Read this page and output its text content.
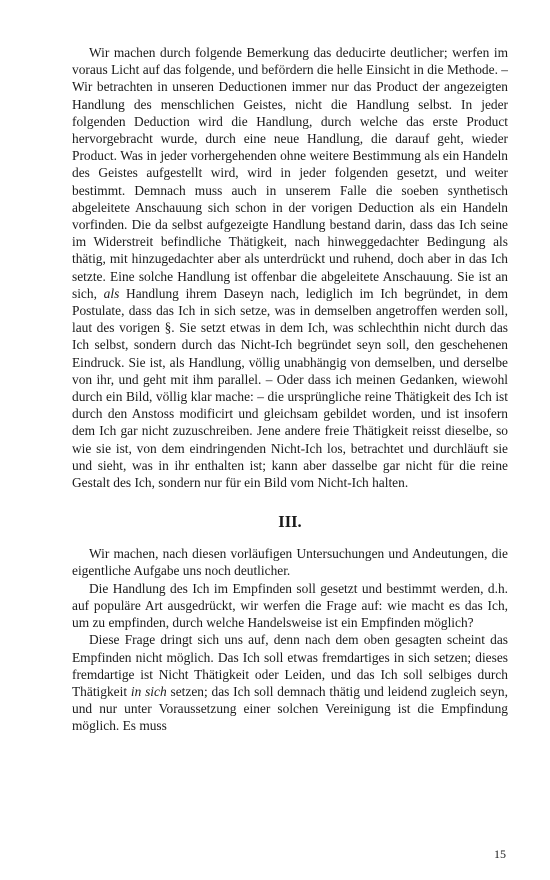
Wir machen durch folgende Bemerkung das deducirte deutlicher; werfen im voraus Licht auf das folgende, und befördern die helle Einsicht in die Methode. – Wir betrachten in unseren Deductionen immer nur das Product der angezeigten Handlung des menschlichen Geistes, nicht die Handlung selbst. In jeder folgenden Deduction wird die Handlung, durch welche das erste Product hervorgebracht wurde, durch eine neue Handlung, die darauf geht, wieder Product. Was in jeder vorhergehenden ohne weitere Bestimmung als ein Handeln des Geistes aufgestellt wird, wird in jeder folgenden gesetzt, und weiter bestimmt. Demnach muss auch in unserem Falle die soeben synthetisch abgeleitete Anschauung sich schon in der vorigen Deduction als ein Handeln vorfinden. Die da selbst aufgezeigte Handlung bestand darin, dass das Ich seine im Widerstreit befindliche Thätigkeit, nach hinweggedachter Bedingung als thätig, mit hinzugedachter aber als unterdrückt und ruhend, doch aber in das Ich setzte. Eine solche Handlung ist offenbar die abgeleitete Anschauung. Sie ist an sich, als Handlung ihrem Daseyn nach, lediglich im Ich begründet, in dem Postulate, dass das Ich in sich setze, was in demselben angetroffen werden soll, laut des vorigen §. Sie setzt etwas in dem Ich, was schlechthin nicht durch das Ich selbst, sondern durch das Nicht-Ich begründet seyn soll, den geschehenen Eindruck. Sie ist, als Handlung, völlig unabhängig von demselben, und derselbe von ihr, und geht mit ihm parallel. – Oder dass ich meinen Gedanken, wiewohl durch ein Bild, völlig klar mache: – die ursprüngliche reine Thätigkeit des Ich ist durch den Anstoss modificirt und gleichsam gebildet worden, und ist insofern dem Ich gar nicht zuzuschreiben. Jene andere freie Thätigkeit reisst dieselbe, so wie sie ist, von dem eindringenden Nicht-Ich los, betrachtet und durchläuft sie und sieht, was in ihr enthalten ist; kann aber dasselbe gar nicht für die reine Gestalt des Ich, sondern nur für ein Bild vom Nicht-Ich halten.

III.

Wir machen, nach diesen vorläufigen Untersuchungen und Andeutungen, die eigentliche Aufgabe uns noch deutlicher.

Die Handlung des Ich im Empfinden soll gesetzt und bestimmt werden, d.h. auf populäre Art ausgedrückt, wir werfen die Frage auf: wie macht es das Ich, um zu empfinden, durch welche Handelsweise ist ein Empfinden möglich?

Diese Frage dringt sich uns auf, denn nach dem oben gesagten scheint das Empfinden nicht möglich. Das Ich soll etwas fremdartiges in sich setzen; dieses fremdartige ist Nicht Thätigkeit oder Leiden, und das Ich soll selbiges durch Thätigkeit in sich setzen; das Ich soll demnach thätig und leidend zugleich seyn, und nur unter Voraussetzung einer solchen Vereinigung ist die Empfindung möglich. Es muss

15
